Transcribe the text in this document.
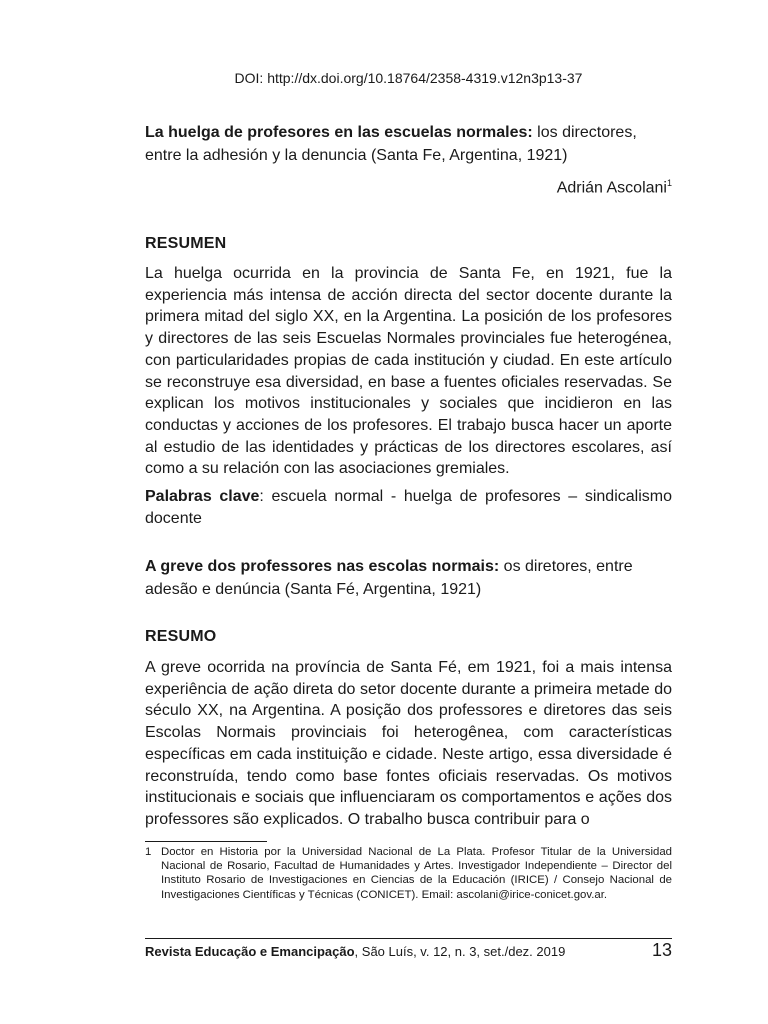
DOI: http://dx.doi.org/10.18764/2358-4319.v12n3p13-37
La huelga de profesores en las escuelas normales: los directores, entre la adhesión y la denuncia (Santa Fe, Argentina, 1921)
Adrián Ascolani$^1$
RESUMEN
La huelga ocurrida en la provincia de Santa Fe, en 1921, fue la experiencia más intensa de acción directa del sector docente durante la primera mitad del siglo XX, en la Argentina. La posición de los profesores y directores de las seis Escuelas Normales provinciales fue heterogénea, con particularidades propias de cada institución y ciudad. En este artículo se reconstruye esa diversidad, en base a fuentes oficiales reservadas. Se explican los motivos institucionales y sociales que incidieron en las conductas y acciones de los profesores. El trabajo busca hacer un aporte al estudio de las identidades y prácticas de los directores escolares, así como a su relación con las asociaciones gremiales.
Palabras clave: escuela normal - huelga de profesores – sindicalismo docente
A greve dos professores nas escolas normais: os diretores, entre adesão e denúncia (Santa Fé, Argentina, 1921)
RESUMO
A greve ocorrida na província de Santa Fé, em 1921, foi a mais intensa experiência de ação direta do setor docente durante a primeira metade do século XX, na Argentina. A posição dos professores e diretores das seis Escolas Normais provinciais foi heterogênea, com características específicas em cada instituição e cidade. Neste artigo, essa diversidade é reconstruída, tendo como base fontes oficiais reservadas. Os motivos institucionais e sociais que influenciaram os comportamentos e ações dos professores são explicados. O trabalho busca contribuir para o
1 Doctor en Historia por la Universidad Nacional de La Plata. Profesor Titular de la Universidad Nacional de Rosario, Facultad de Humanidades y Artes. Investigador Independiente – Director del Instituto Rosario de Investigaciones en Ciencias de la Educación (IRICE) / Consejo Nacional de Investigaciones Científicas y Técnicas (CONICET). Email: ascolani@irice-conicet.gov.ar.
Revista Educação e Emancipação, São Luís, v. 12, n. 3, set./dez. 2019	13
